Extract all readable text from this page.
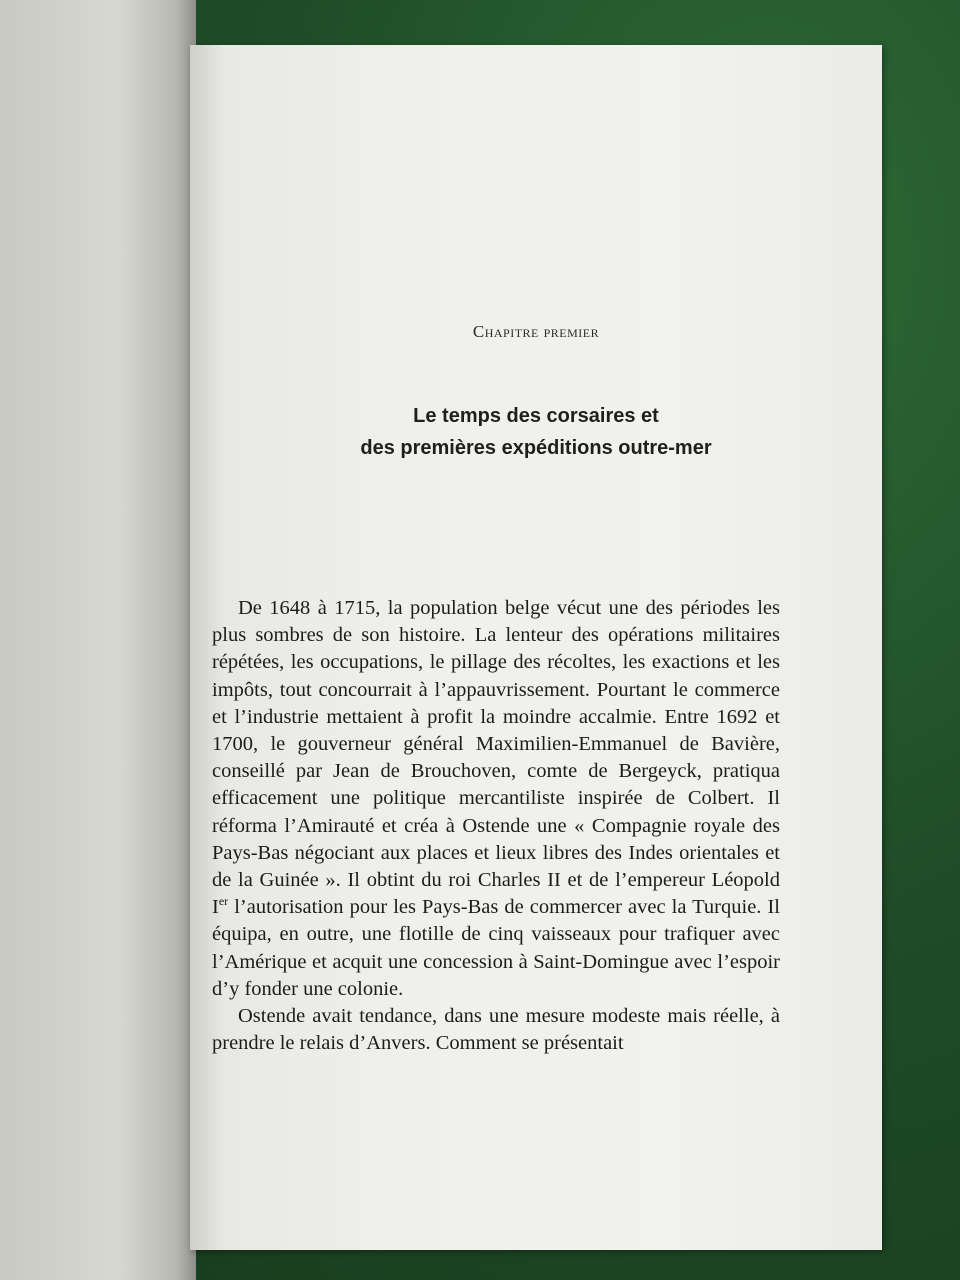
Chapitre premier
Le temps des corsaires et
des premières expéditions outre-mer

De 1648 à 1715, la population belge vécut une des périodes les plus sombres de son histoire. La lenteur des opérations militaires répétées, les occupations, le pillage des récoltes, les exactions et les impôts, tout concourrait à l’appauvrissement. Pourtant le commerce et l’industrie mettaient à profit la moindre accalmie. Entre 1692 et 1700, le gouverneur général Maximilien-Emmanuel de Bavière, conseillé par Jean de Brouchoven, comte de Bergeyck, pratiqua efficacement une politique mercantiliste inspirée de Colbert. Il réforma l’Amirauté et créa à Ostende une « Compagnie royale des Pays-Bas négociant aux places et lieux libres des Indes orientales et de la Guinée ». Il obtint du roi Charles II et de l’empereur Léopold Ier l’autorisation pour les Pays-Bas de commercer avec la Turquie. Il équipa, en outre, une flotille de cinq vaisseaux pour trafiquer avec l’Amérique et acquit une concession à Saint-Domingue avec l’espoir d’y fonder une colonie.

Ostende avait tendance, dans une mesure modeste mais réelle, à prendre le relais d’Anvers. Comment se présentait
